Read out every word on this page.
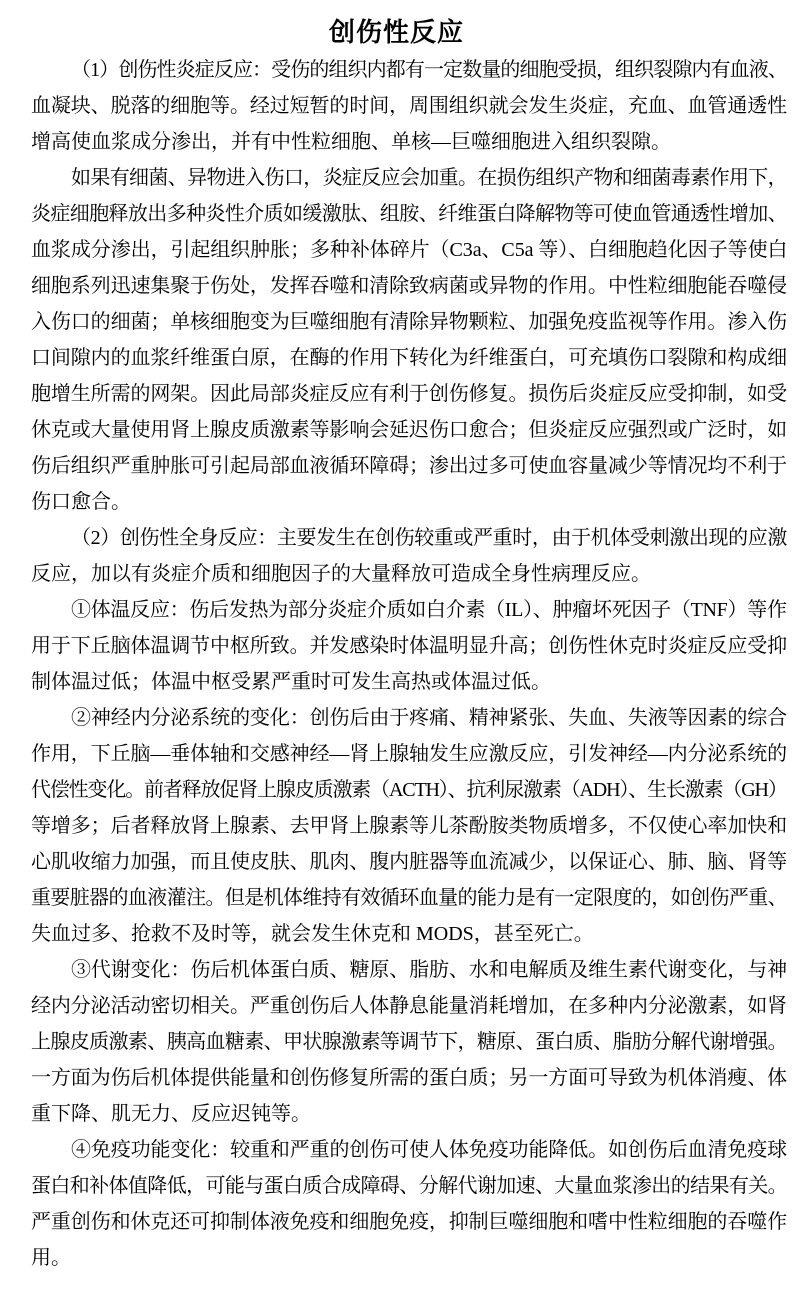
创伤性反应
（1）创伤性炎症反应：受伤的组织内都有一定数量的细胞受损，组织裂隙内有血液、
血凝块、脱落的细胞等。经过短暂的时间，周围组织就会发生炎症，充血、血管通透性
增高使血浆成分渗出，并有中性粒细胞、单核—巨噬细胞进入组织裂隙。
如果有细菌、异物进入伤口，炎症反应会加重。在损伤组织产物和细菌毒素作用下，
炎症细胞释放出多种炎性介质如缓激肽、组胺、纤维蛋白降解物等可使血管通透性增加、
血浆成分渗出，引起组织肿胀；多种补体碎片（C3a、C5a 等）、白细胞趋化因子等使白
细胞系列迅速集聚于伤处，发挥吞噬和清除致病菌或异物的作用。中性粒细胞能吞噬侵
入伤口的细菌；单核细胞变为巨噬细胞有清除异物颗粒、加强免疫监视等作用。渗入伤
口间隙内的血浆纤维蛋白原，在酶的作用下转化为纤维蛋白，可充填伤口裂隙和构成细
胞增生所需的网架。因此局部炎症反应有利于创伤修复。损伤后炎症反应受抑制，如受
休克或大量使用肾上腺皮质激素等影响会延迟伤口愈合；但炎症反应强烈或广泛时，如
伤后组织严重肿胀可引起局部血液循环障碍；渗出过多可使血容量减少等情况均不利于
伤口愈合。
（2）创伤性全身反应：主要发生在创伤较重或严重时，由于机体受刺激出现的应激
反应，加以有炎症介质和细胞因子的大量释放可造成全身性病理反应。
①体温反应：伤后发热为部分炎症介质如白介素（IL）、肿瘤坏死因子（TNF）等作
用于下丘脑体温调节中枢所致。并发感染时体温明显升高；创伤性休克时炎症反应受抑
制体温过低；体温中枢受累严重时可发生高热或体温过低。
②神经内分泌系统的变化：创伤后由于疼痛、精神紧张、失血、失液等因素的综合
作用，下丘脑—垂体轴和交感神经—肾上腺轴发生应激反应，引发神经—内分泌系统的
代偿性变化。前者释放促肾上腺皮质激素（ACTH）、抗利尿激素（ADH）、生长激素（GH）
等增多；后者释放肾上腺素、去甲肾上腺素等儿茶酚胺类物质增多，不仅使心率加快和
心肌收缩力加强，而且使皮肤、肌肉、腹内脏器等血流减少，以保证心、肺、脑、肾等
重要脏器的血液灌注。但是机体维持有效循环血量的能力是有一定限度的，如创伤严重、
失血过多、抢救不及时等，就会发生休克和 MODS，甚至死亡。
③代谢变化：伤后机体蛋白质、糖原、脂肪、水和电解质及维生素代谢变化，与神
经内分泌活动密切相关。严重创伤后人体静息能量消耗增加，在多种内分泌激素，如肾
上腺皮质激素、胰高血糖素、甲状腺激素等调节下，糖原、蛋白质、脂肪分解代谢增强。
一方面为伤后机体提供能量和创伤修复所需的蛋白质；另一方面可导致为机体消瘦、体
重下降、肌无力、反应迟钝等。
④免疫功能变化：较重和严重的创伤可使人体免疫功能降低。如创伤后血清免疫球
蛋白和补体值降低，可能与蛋白质合成障碍、分解代谢加速、大量血浆渗出的结果有关。
严重创伤和休克还可抑制体液免疫和细胞免疫，抑制巨噬细胞和嗜中性粒细胞的吞噬作
用。
